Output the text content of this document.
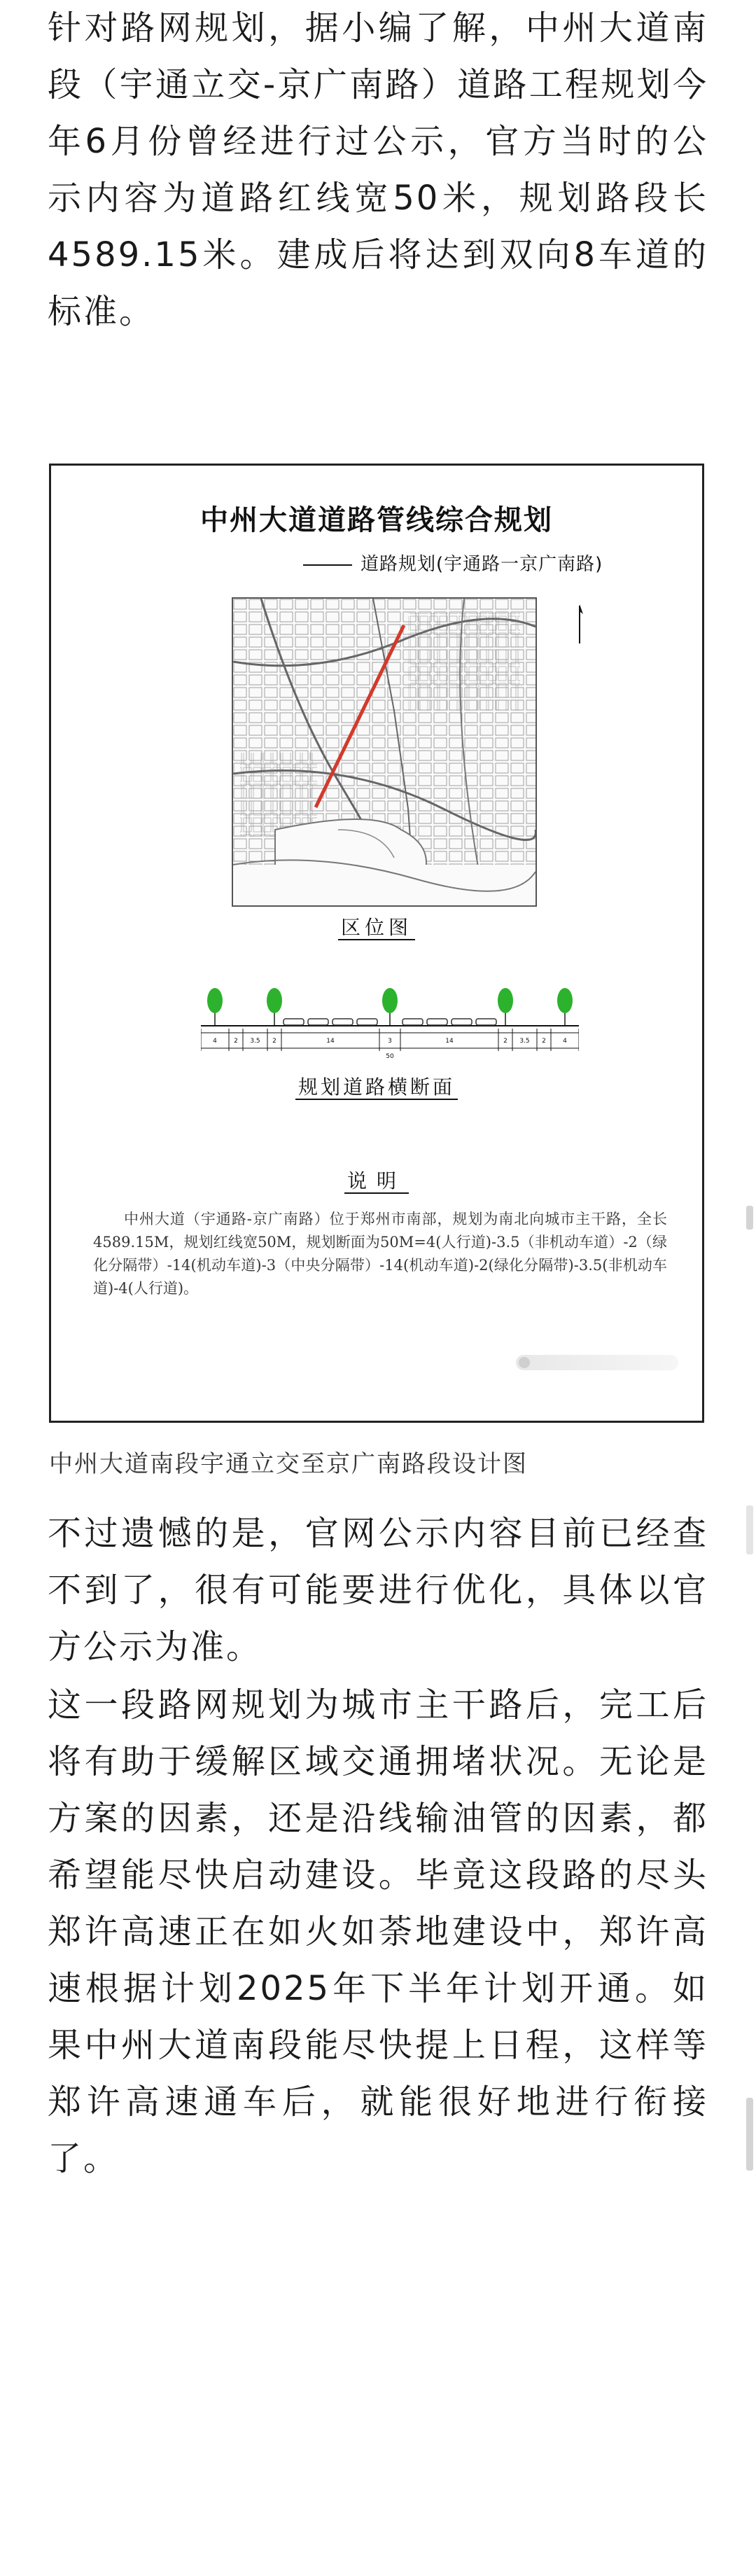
针对路网规划，据小编了解，中州大道南段（宇通立交-京广南路）道路工程规划今年6月份曾经进行过公示，官方当时的公示内容为道路红线宽50米，规划路段长4589.15米。建成后将达到双向8车道的标准。

中州大道道路管线综合规划
道路规划(宇通路一京广南路)
区位图
4	2 3.5 2	14	3	14	2 3.5 2	4
50
规划道路横断面
说明

中州大道（宇通路-京广南路）位于郑州市南部，规划为南北向城市主干路，全长4589.15M，规划红线宽50M，规划断面为50M=4(人行道)-3.5（非机动车道）-2（绿化分隔带）-14(机动车道)-3（中央分隔带）-14(机动车道)-2(绿化分隔带)-3.5(非机动车道)-4(人行道)。

中州大道南段宇通立交至京广南路段设计图

不过遗憾的是，官网公示内容目前已经查不到了，很有可能要进行优化，具体以官方公示为准。

这一段路网规划为城市主干路后，完工后将有助于缓解区域交通拥堵状况。无论是方案的因素，还是沿线输油管的因素，都希望能尽快启动建设。毕竟这段路的尽头郑许高速正在如火如荼地建设中，郑许高速根据计划2025年下半年计划开通。如果中州大道南段能尽快提上日程，这样等郑许高速通车后，就能很好地进行衔接了。
